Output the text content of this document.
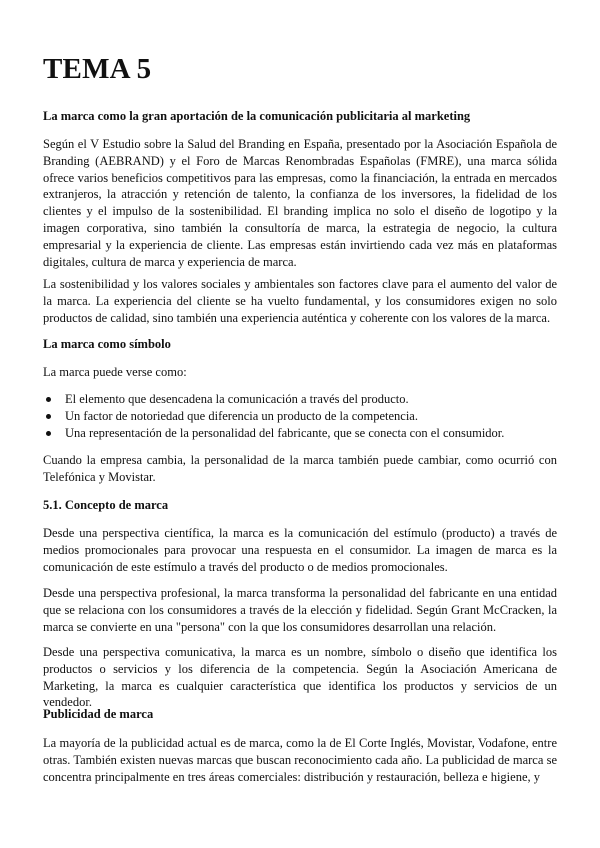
TEMA 5

La marca como la gran aportación de la comunicación publicitaria al marketing

Según el V Estudio sobre la Salud del Branding en España, presentado por la Asociación Española de Branding (AEBRAND) y el Foro de Marcas Renombradas Españolas (FMRE), una marca sólida ofrece varios beneficios competitivos para las empresas, como la financiación, la entrada en mercados extranjeros, la atracción y retención de talento, la confianza de los inversores, la fidelidad de los clientes y el impulso de la sostenibilidad. El branding implica no solo el diseño de logotipo y la imagen corporativa, sino también la consultoría de marca, la estrategia de negocio, la cultura empresarial y la experiencia de cliente. Las empresas están invirtiendo cada vez más en plataformas digitales, cultura de marca y experiencia de marca.

La sostenibilidad y los valores sociales y ambientales son factores clave para el aumento del valor de la marca. La experiencia del cliente se ha vuelto fundamental, y los consumidores exigen no solo productos de calidad, sino también una experiencia auténtica y coherente con los valores de la marca.

La marca como símbolo

La marca puede verse como:

El elemento que desencadena la comunicación a través del producto.
Un factor de notoriedad que diferencia un producto de la competencia.
Una representación de la personalidad del fabricante, que se conecta con el consumidor.

Cuando la empresa cambia, la personalidad de la marca también puede cambiar, como ocurrió con Telefónica y Movistar.

5.1. Concepto de marca

Desde una perspectiva científica, la marca es la comunicación del estímulo (producto) a través de medios promocionales para provocar una respuesta en el consumidor. La imagen de marca es la comunicación de este estímulo a través del producto o de medios promocionales.

Desde una perspectiva profesional, la marca transforma la personalidad del fabricante en una entidad que se relaciona con los consumidores a través de la elección y fidelidad. Según Grant McCracken, la marca se convierte en una "persona" con la que los consumidores desarrollan una relación.

Desde una perspectiva comunicativa, la marca es un nombre, símbolo o diseño que identifica los productos o servicios y los diferencia de la competencia. Según la Asociación Americana de Marketing, la marca es cualquier característica que identifica los productos y servicios de un vendedor.

Publicidad de marca

La mayoría de la publicidad actual es de marca, como la de El Corte Inglés, Movistar, Vodafone, entre otras. También existen nuevas marcas que buscan reconocimiento cada año. La publicidad de marca se concentra principalmente en tres áreas comerciales: distribución y restauración, belleza e higiene, y
